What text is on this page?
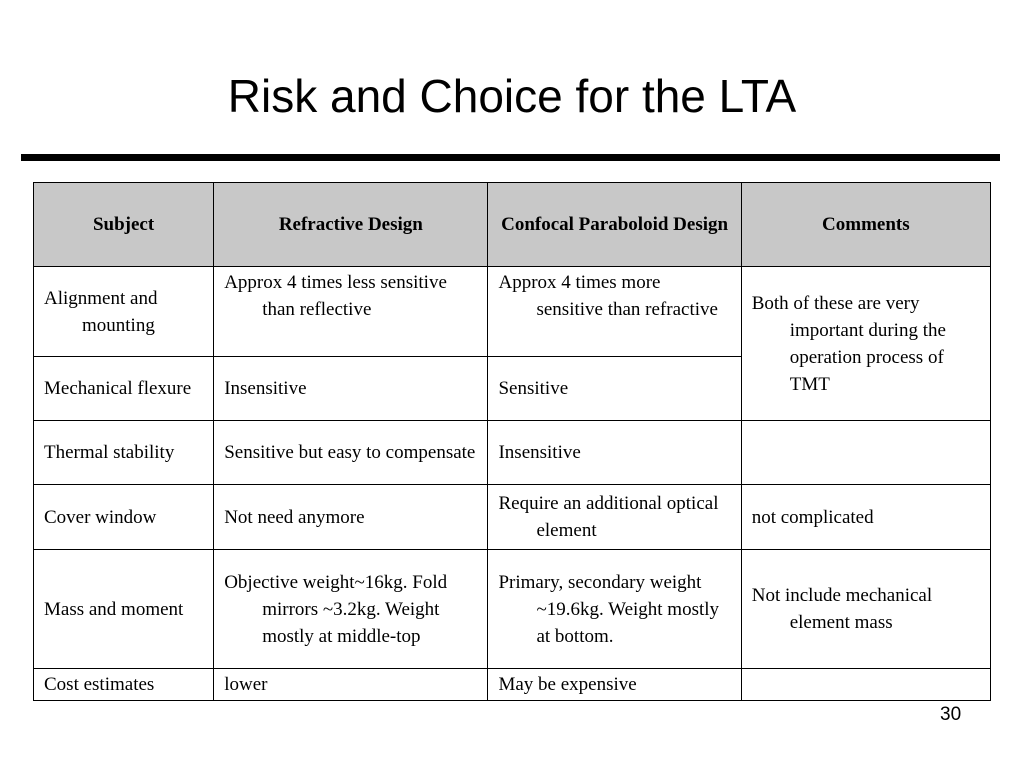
Risk and Choice for the LTA
Subject	Refractive Design	Confocal Paraboloid Design	Comments

Alignment and mounting	Approx 4 times less sensitive than reflective	Approx 4 times more sensitive than refractive	Both of these are very important during the operation process of TMT

Mechanical flexure	Insensitive	Sensitive	

Thermal stability	Sensitive but easy to compensate	Insensitive	

Cover window	Not need anymore	Require an additional optical element	not complicated

Mass and moment	Objective weight~16kg. Fold mirrors ~3.2kg. Weight mostly at middle-top	Primary, secondary weight ~19.6kg. Weight mostly at bottom.	Not include mechanical element mass

Cost estimates	lower	May be expensive	

30
